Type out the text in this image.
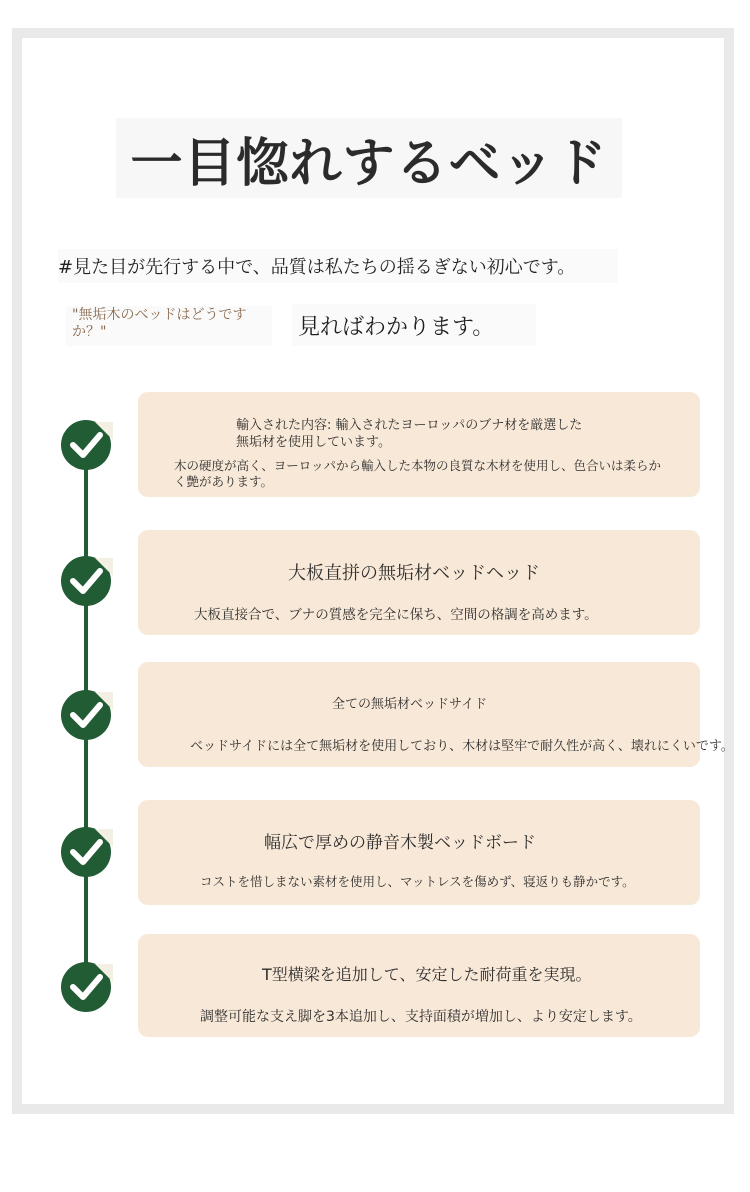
一目惚れするベッド
#見た目が先行する中で、品質は私たちの揺るぎない初心です。
"無垢木のベッドはどうですか？"	見ればわかります。
輸入された内容: 輸入されたヨーロッパのブナ材を厳選した
無垢材を使用しています。
木の硬度が高く、ヨーロッパから輸入した本物の良質な木材を使用し、色合いは柔らか
く艶があります。
大板直拼の無垢材ベッドヘッド
大板直接合で、ブナの質感を完全に保ち、空間の格調を高めます。
全ての無垢材ベッドサイド
ベッドサイドには全て無垢材を使用しており、木材は堅牢で耐久性が高く、壊れにくいです。
幅広で厚めの静音木製ベッドボード
コストを惜しまない素材を使用し、マットレスを傷めず、寝返りも静かです。
T型横梁を追加して、安定した耐荷重を実現。
調整可能な支え脚を3本追加し、支持面積が増加し、より安定します。
